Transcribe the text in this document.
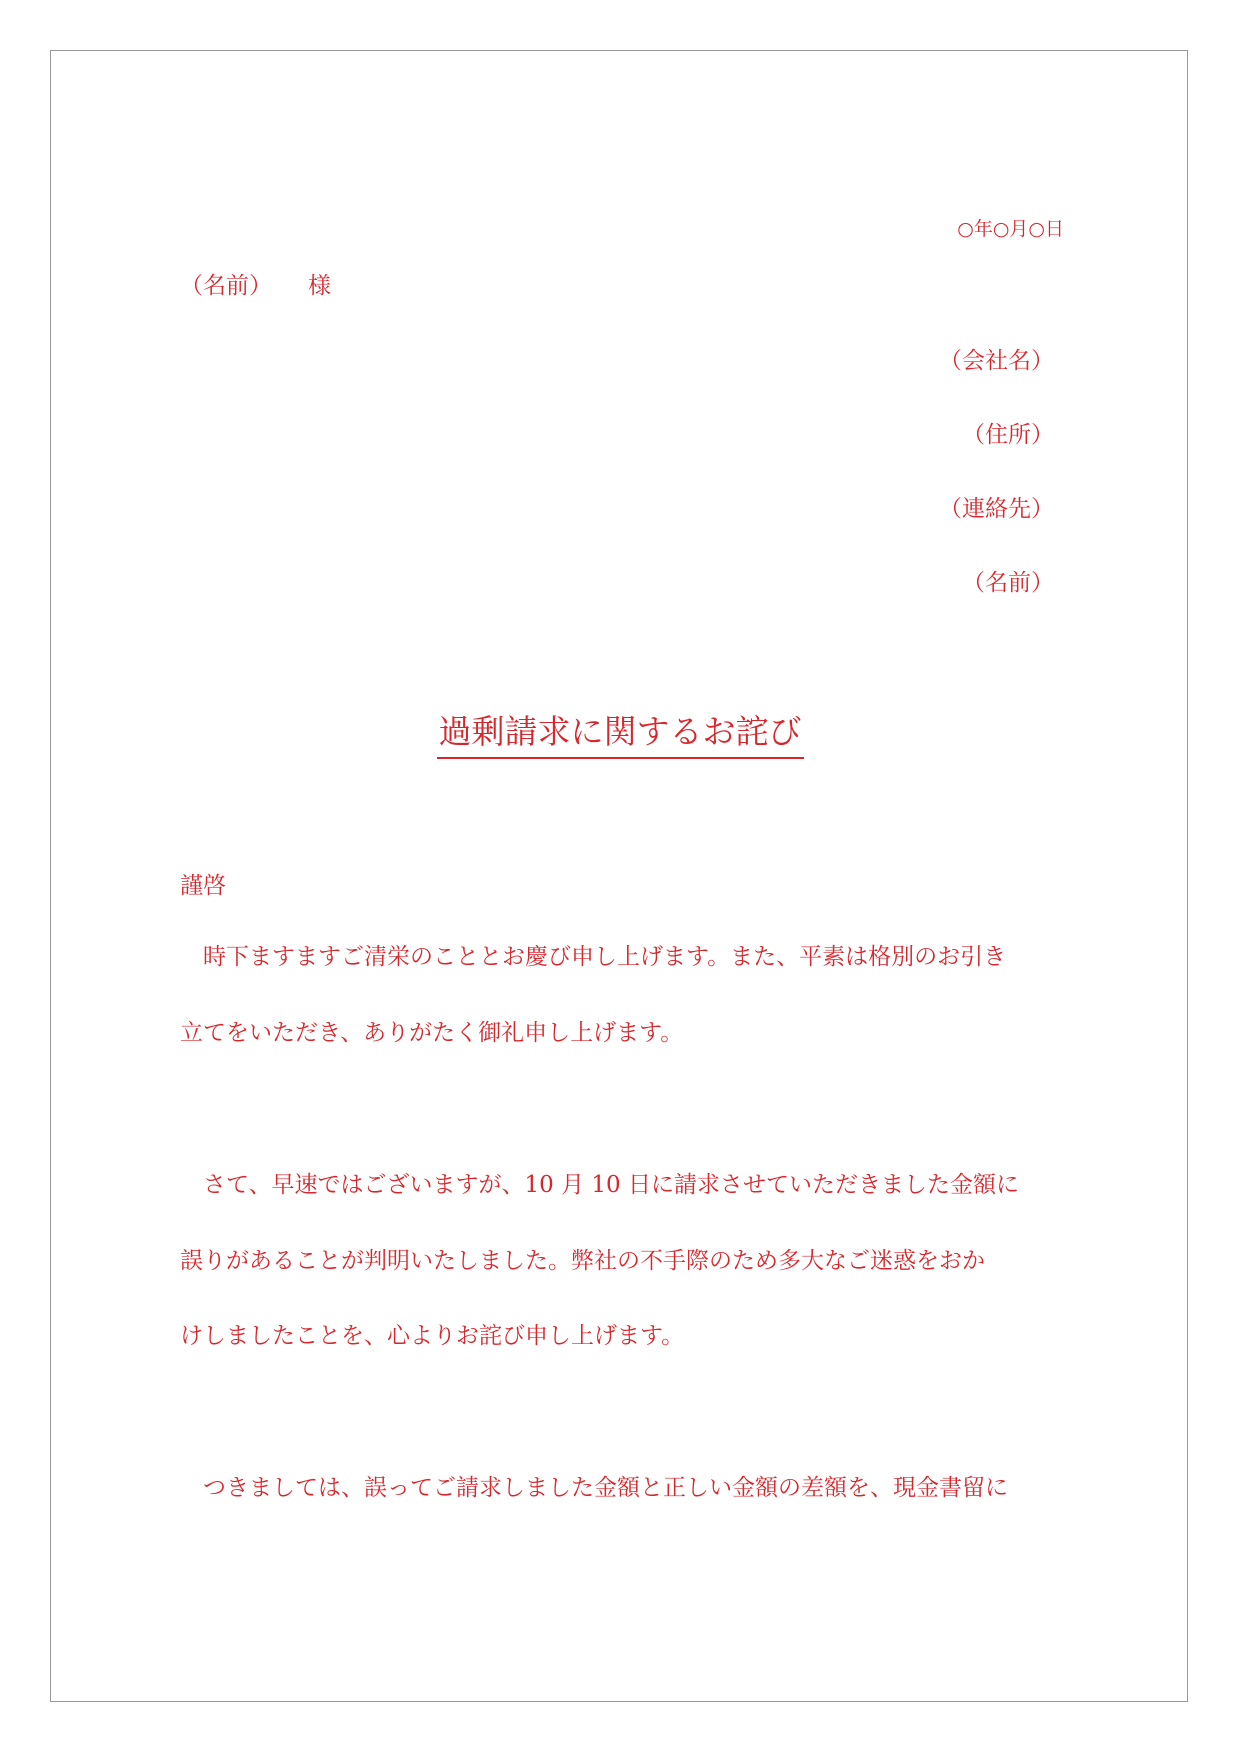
○年○月○日
（名前） 様
（会社名）
（住所）
（連絡先）
（名前）
過剰請求に関するお詫び
謹啓
　時下ますますご清栄のこととお慶び申し上げます。また、平素は格別のお引き
立てをいただき、ありがたく御礼申し上げます。
　さて、早速ではございますが、10 月 10 日に請求させていただきました金額に
誤りがあることが判明いたしました。弊社の不手際のため多大なご迷惑をおか
けしましたことを、心よりお詫び申し上げます。
　つきましては、誤ってご請求しました金額と正しい金額の差額を、現金書留に
